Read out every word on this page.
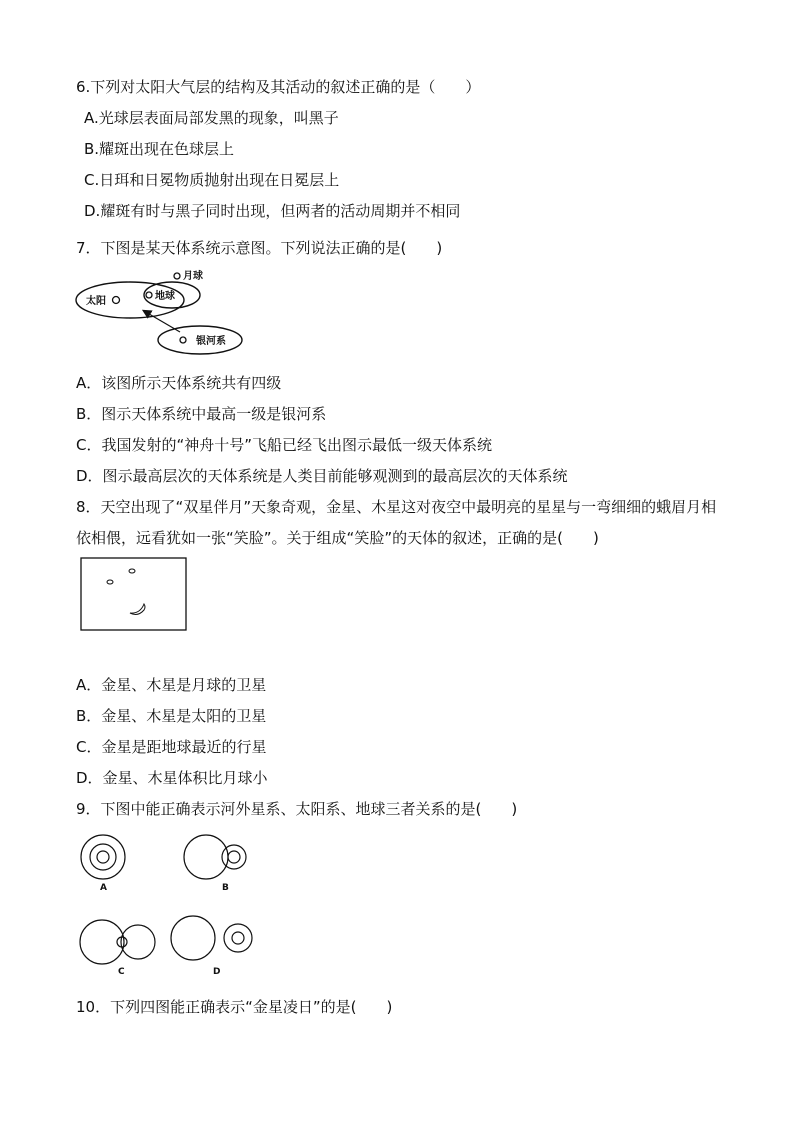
6.下列对太阳大气层的结构及其活动的叙述正确的是（　　）
A.光球层表面局部发黑的现象，叫黑子
B.耀斑出现在色球层上
C.日珥和日冕物质抛射出现在日冕层上
D.耀斑有时与黑子同时出现，但两者的活动周期并不相同
7．下图是某天体系统示意图。下列说法正确的是(　　)
太阳	地球
月球
银河系
A．该图所示天体系统共有四级
B．图示天体系统中最高一级是银河系
C．我国发射的“神舟十号”飞船已经飞出图示最低一级天体系统
D．图示最高层次的天体系统是人类目前能够观测到的最高层次的天体系统
8．天空出现了“双星伴月”天象奇观，金星、木星这对夜空中最明亮的星星与一弯细细的蛾眉月相依相偎，远看犹如一张“笑脸”。关于组成“笑脸”的天体的叙述，正确的是(　　)
A．金星、木星是月球的卫星
B．金星、木星是太阳的卫星
C．金星是距地球最近的行星
D．金星、木星体积比月球小
9．下图中能正确表示河外星系、太阳系、地球三者关系的是(　　)
A	B
C	D
10．下列四图能正确表示“金星凌日”的是(　　)
